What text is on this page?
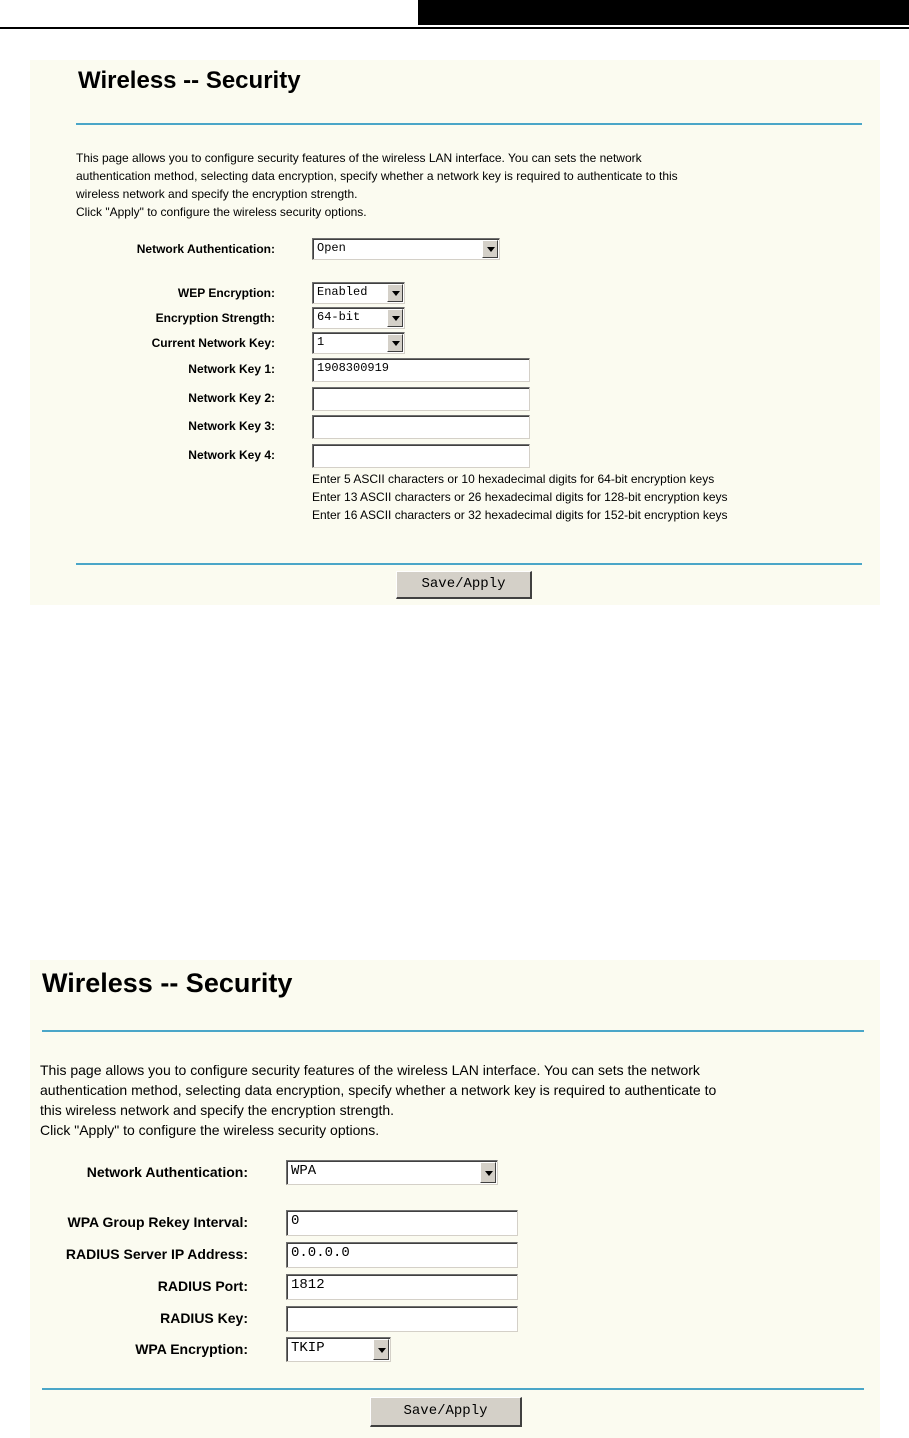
Wireless -- Security

This page allows you to configure security features of the wireless LAN interface. You can sets the network

authentication method, selecting data encryption, specify whether a network key is required to authenticate to this

wireless network and specify the encryption strength.

Click "Apply" to configure the wireless security options.

Network Authentication:	Open
WEP Encryption:	Enabled
Encryption Strength:	64-bit
Current Network Key:	1
Network Key 1:	1908300919
Network Key 2:
Network Key 3:
Network Key 4:

Enter 5 ASCII characters or 10 hexadecimal digits for 64-bit encryption keys

Enter 13 ASCII characters or 26 hexadecimal digits for 128-bit encryption keys

Enter 16 ASCII characters or 32 hexadecimal digits for 152-bit encryption keys

Save/Apply
Wireless -- Security

This page allows you to configure security features of the wireless LAN interface. You can sets the network

authentication method, selecting data encryption, specify whether a network key is required to authenticate to

this wireless network and specify the encryption strength.

Click "Apply" to configure the wireless security options.

Network Authentication:	WPA
WPA Group Rekey Interval:	0
RADIUS Server IP Address:	0.0.0.0
RADIUS Port:	1812
RADIUS Key:
WPA Encryption:	TKIP
Save/Apply
